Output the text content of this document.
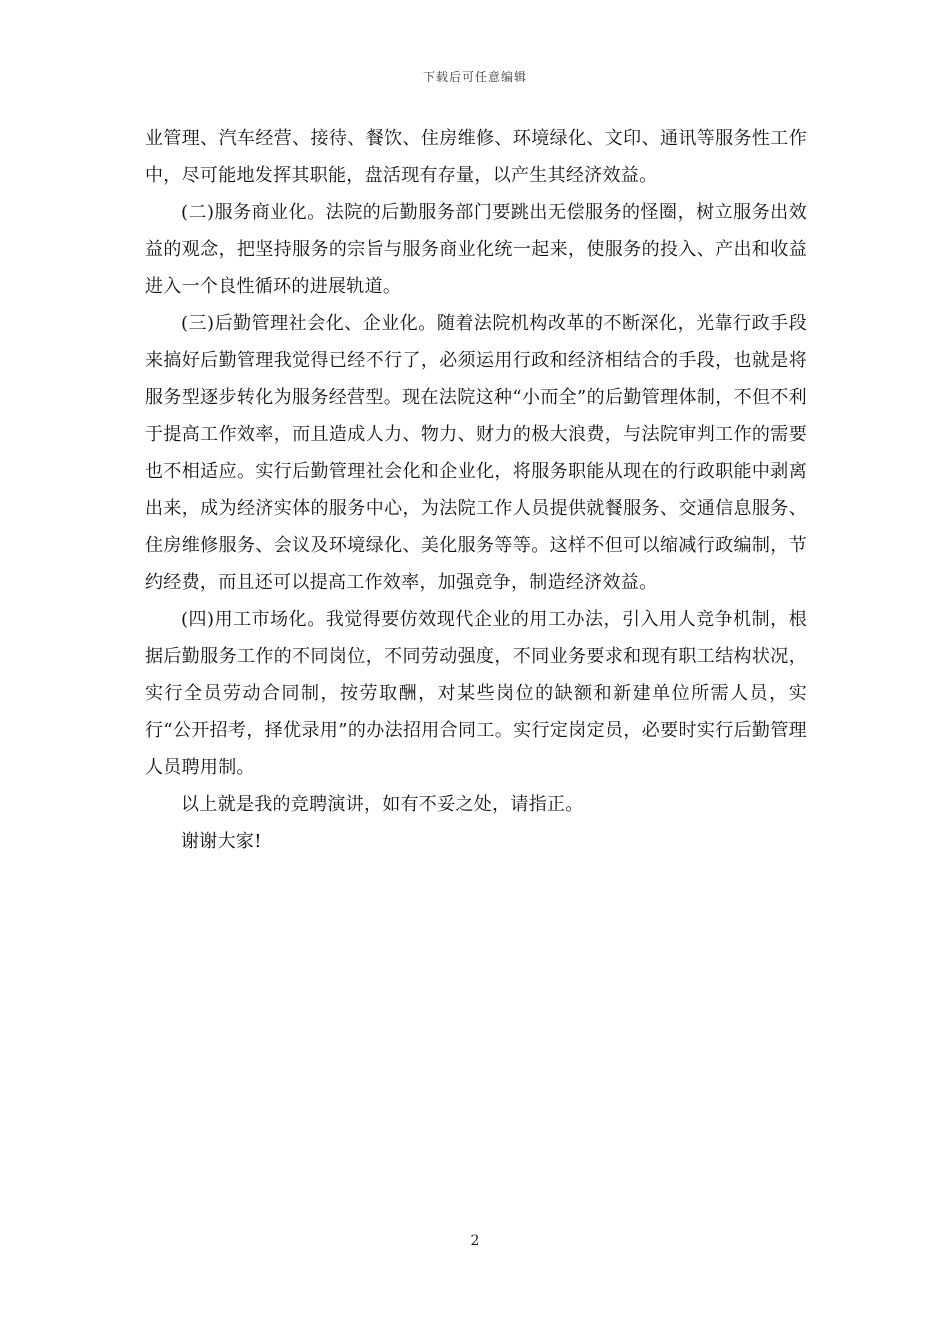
下载后可任意编辑

业管理、汽车经营、接待、餐饮、住房维修、环境绿化、文印、通讯等服务性工作中，尽可能地发挥其职能，盘活现有存量，以产生其经济效益。

(二)服务商业化。法院的后勤服务部门要跳出无偿服务的怪圈，树立服务出效益的观念，把坚持服务的宗旨与服务商业化统一起来，使服务的投入、产出和收益进入一个良性循环的进展轨道。

(三)后勤管理社会化、企业化。随着法院机构改革的不断深化，光靠行政手段来搞好后勤管理我觉得已经不行了，必须运用行政和经济相结合的手段，也就是将服务型逐步转化为服务经营型。现在法院这种“小而全”的后勤管理体制，不但不利于提高工作效率，而且造成人力、物力、财力的极大浪费，与法院审判工作的需要也不相适应。实行后勤管理社会化和企业化，将服务职能从现在的行政职能中剥离出来，成为经济实体的服务中心，为法院工作人员提供就餐服务、交通信息服务、住房维修服务、会议及环境绿化、美化服务等等。这样不但可以缩减行政编制，节约经费，而且还可以提高工作效率，加强竞争，制造经济效益。

(四)用工市场化。我觉得要仿效现代企业的用工办法，引入用人竞争机制，根据后勤服务工作的不同岗位，不同劳动强度，不同业务要求和现有职工结构状况，实行全员劳动合同制，按劳取酬，对某些岗位的缺额和新建单位所需人员，实行“公开招考，择优录用”的办法招用合同工。实行定岗定员，必要时实行后勤管理人员聘用制。

以上就是我的竞聘演讲，如有不妥之处，请指正。

谢谢大家!

2
